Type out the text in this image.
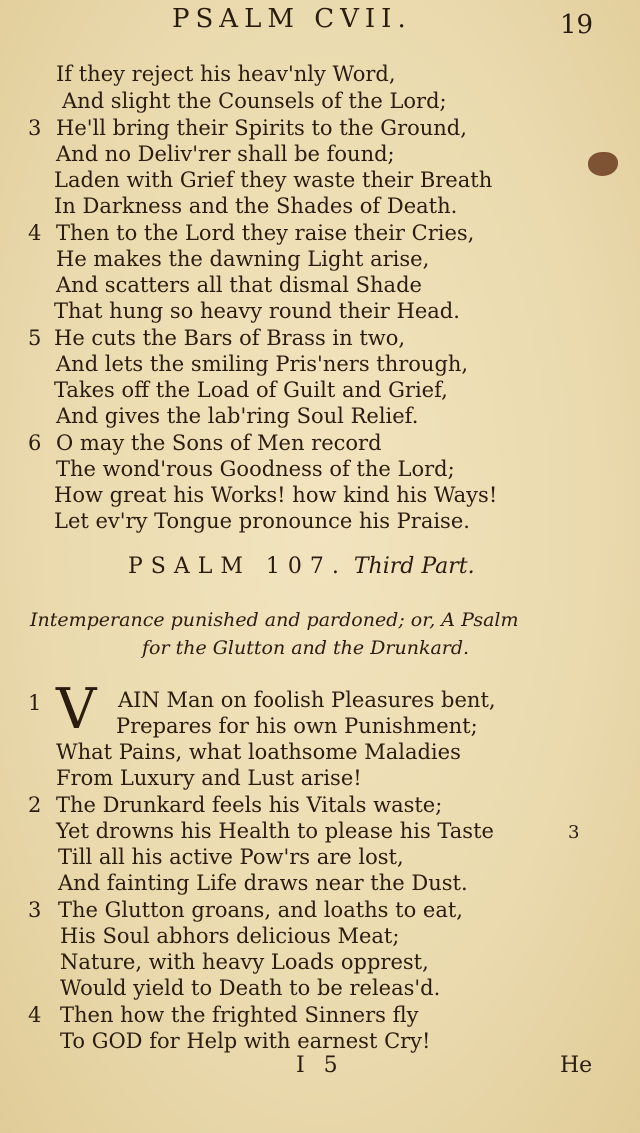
PSALM CVII.	19
If they reject his heav'nly Word,
And slight the Counsels of the Lord;
3 He'll bring their Spirits to the Ground,
And no Deliv'rer shall be found;
Laden with Grief they waste their Breath
In Darkness and the Shades of Death.
4 Then to the Lord they raise their Cries,
He makes the dawning Light arise,
And scatters all that dismal Shade
That hung so heavy round their Head.
5 He cuts the Bars of Brass in two,
And lets the smiling Pris'ners through,
Takes off the Load of Guilt and Grief,
And gives the lab'ring Soul Relief.
6 O may the Sons of Men record
The wond'rous Goodness of the Lord;
How great his Works! how kind his Ways!
Let ev'ry Tongue pronounce his Praise.
PSALM 107. Third Part.
Intemperance punished and pardoned; or, A Psalm
for the Glutton and the Drunkard.
1 V AIN Man on foolish Pleasures bent,
Prepares for his own Punishment;
What Pains, what loathsome Maladies
From Luxury and Lust arise!
2 The Drunkard feels his Vitals waste;
Yet drowns his Health to please his Taste
Till all his active Pow'rs are lost,
And fainting Life draws near the Dust.
3 The Glutton groans, and loaths to eat,
His Soul abhors delicious Meat;
Nature, with heavy Loads opprest,
Would yield to Death to be releas'd.
4 Then how the frighted Sinners fly
To GOD for Help with earnest Cry!
3
I 5	He
